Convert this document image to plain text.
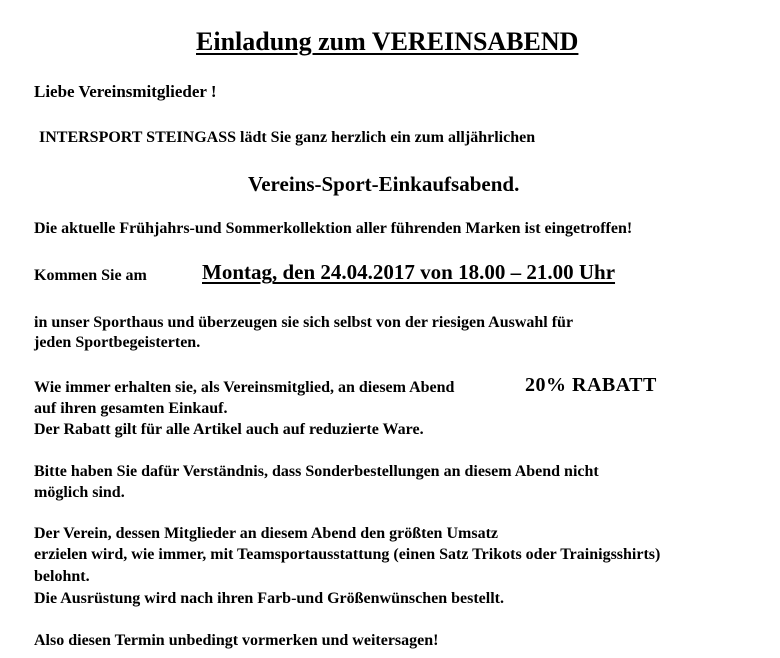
Einladung zum VEREINSABEND
Liebe Vereinsmitglieder !
INTERSPORT STEINGASS lädt Sie ganz herzlich ein zum alljährlichen
Vereins-Sport-Einkaufsabend.
Die aktuelle Frühjahrs-und Sommerkollektion aller führenden Marken ist eingetroffen!
Kommen Sie am	Montag, den 24.04.2017 von 18.00 – 21.00 Uhr
in unser Sporthaus und überzeugen sie sich selbst von der riesigen Auswahl für
jeden Sportbegeisterten.
Wie immer erhalten sie, als Vereinsmitglied, an diesem Abend	20% RABATT
auf ihren gesamten Einkauf.
Der Rabatt gilt für alle Artikel auch auf reduzierte Ware.
Bitte haben Sie dafür Verständnis, dass Sonderbestellungen an diesem Abend nicht
möglich sind.
Der Verein, dessen Mitglieder an diesem Abend den größten Umsatz
erzielen wird, wie immer, mit Teamsportausstattung (einen Satz Trikots oder Trainigsshirts)
belohnt.
Die Ausrüstung wird nach ihren Farb-und Größenwünschen bestellt.
Also diesen Termin unbedingt vormerken und weitersagen!
